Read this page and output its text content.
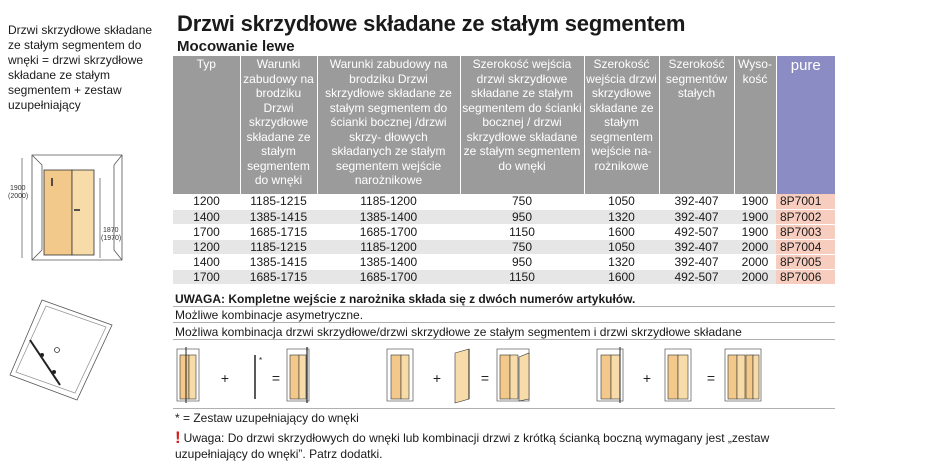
Drzwi skrzydłowe składane ze stałym segmentem do wnęki = drzwi skrzydłowe składane ze stałym segmentem + zestaw uzupełniający
1900
(2000)
1870
(1970)
Drzwi skrzydłowe składane ze stałym segmentem
Mocowanie lewe
Typ	Warunki zabudowy na brodziku Drzwi skrzydłowe składane ze stałym segmentem do wnęki	Warunki zabudowy na brodziku Drzwi skrzydłowe składane ze stałym segmentem do ścianki bocznej /drzwi skrzy- dłowych składanych ze stałym segmentem wejście narożnikowe	Szerokość wejścia drzwi skrzydłowe składane ze stałym segmentem do ścianki bocznej / drzwi skrzydłowe składane ze stałym segmentem do wnęki	Szerokość wejścia drzwi skrzydłowe składane ze stałym segmentem wejście na- rożnikowe	Szerokość segmentów stałych	Wyso- kość	pure
1200	1185-1215	1185-1200	750	1050	392-407	1900	8P7001
1400	1385-1415	1385-1400	950	1320	392-407	1900	8P7002
1700	1685-1715	1685-1700	1150	1600	492-507	1900	8P7003
1200	1185-1215	1185-1200	750	1050	392-407	2000	8P7004
1400	1385-1415	1385-1400	950	1320	392-407	2000	8P7005
1700	1685-1715	1685-1700	1150	1600	492-507	2000	8P7006
UWAGA: Kompletne wejście z narożnika składa się z dwóch numerów artykułów.
Możliwe kombinacje asymetryczne.
Możliwa kombinacja drzwi skrzydłowe/drzwi skrzydłowe ze stałym segmentem i drzwi skrzydłowe składane
+
*
=	+	=	+	=
* = Zestaw uzupełniający do wnęki
! Uwaga: Do drzwi skrzydłowych do wnęki lub kombinacji drzwi z krótką ścianką boczną wymagany jest „zestaw uzupełniający do wnęki”. Patrz dodatki.
